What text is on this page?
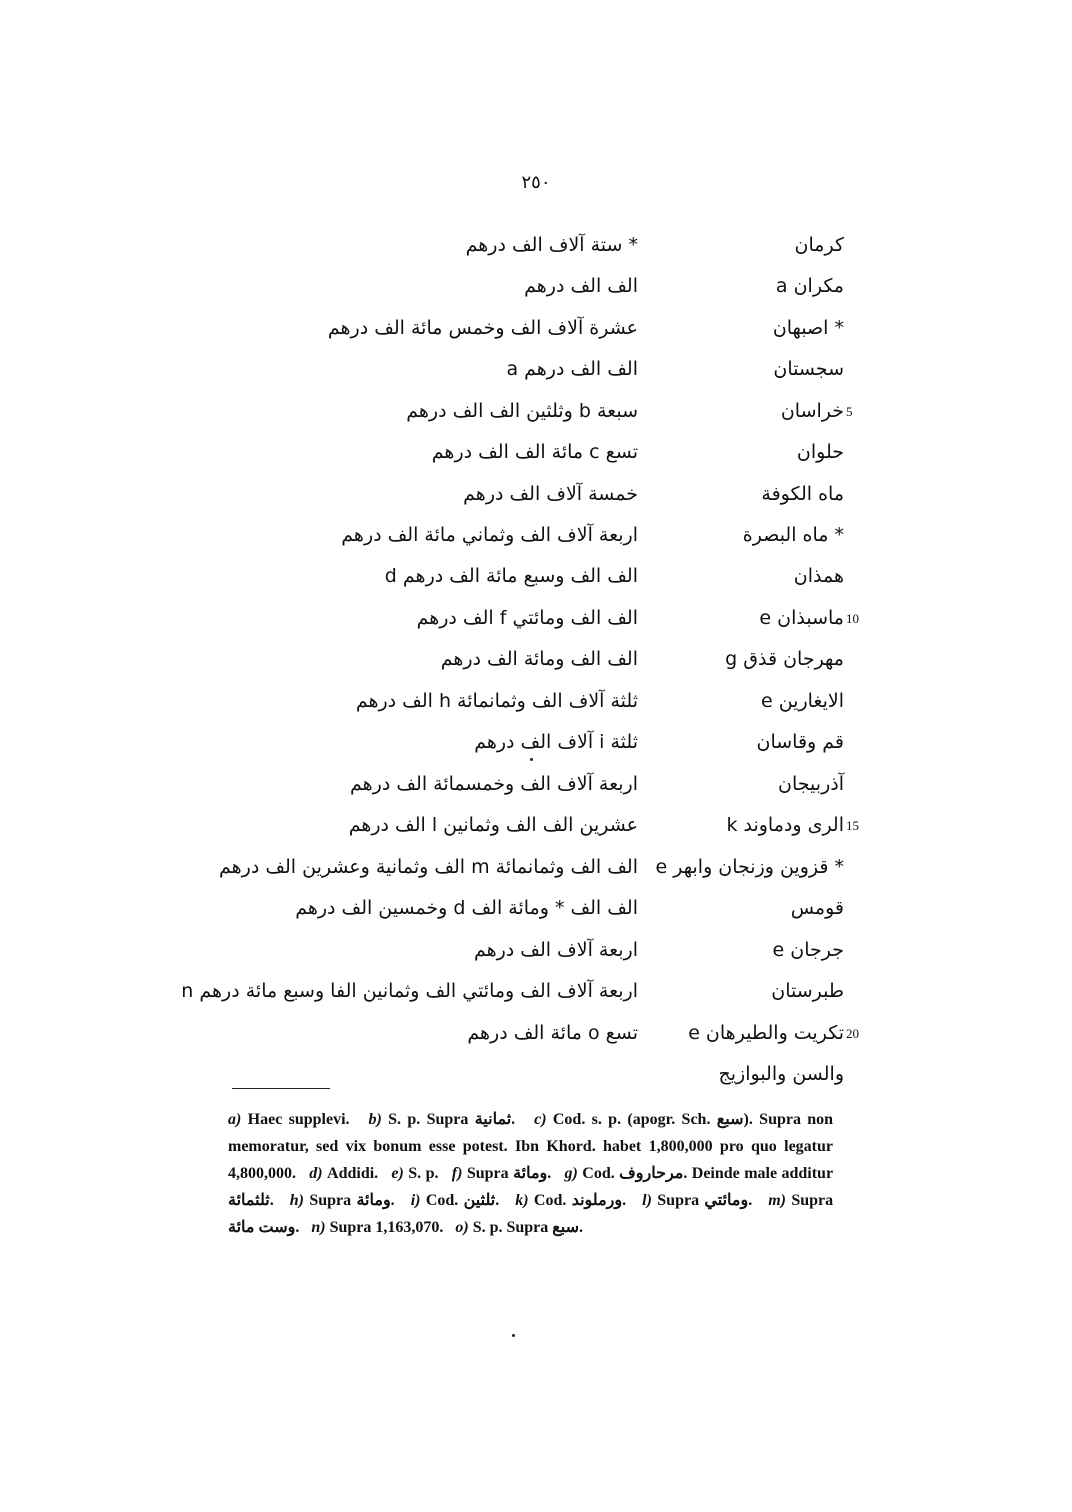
٢٥٠
كرمان
* ستة آلاف الف درهم
مكران a
الف الف درهم
* اصبهان
عشرة آلاف الف وخمس مائة الف درهم
سجستان
الف الف درهم a
5
خراسان
سبعة b وثلثين الف الف درهم
حلوان
تسع c مائة الف الف درهم
ماه الكوفة
خمسة آلاف الف درهم
* ماه البصرة
اربعة آلاف الف وثماني مائة الف درهم
همذان
الف الف وسبع مائة الف درهم d
10
ماسبذان e
الف الف ومائتي f الف درهم
مهرجان قذق g
الف الف ومائة الف درهم
الايغارين e
ثلثة آلاف الف وثمانمائة h الف درهم
قم وقاسان
ثلثة i آلاف الف درهم
آذربيجان
اربعة آلاف الف وخمسمائة الف درهم
15
الرى ودماوند k
عشرين الف الف وثمانين l الف درهم
* قزوين وزنجان وابهر e
الف الف وثمانمائة m الف وثمانية وعشرين الف درهم
قومس
الف الف * ومائة الف d وخمسين الف درهم
جرجان e
اربعة آلاف الف درهم
طبرستان
اربعة آلاف الف ومائتي الف وثمانين الفا وسبع مائة درهم n
20
تكريت والطيرهان e
تسع o مائة الف درهم
والسن والبوازيج
a) Haec supplevi. b) S. p. Supra ثمانية. c) Cod. s. p. (apogr. Sch. سبع). Supra non memoratur, sed vix bonum esse potest. Ibn Khord. habet 1,800,000 pro quo legatur 4,800,000. d) Addidi. e) S. p. f) Supra ومائة. g) Cod. مرحاروف. Deinde male additur ثلثمائة. h) Supra ومائة. i) Cod. ثلثين. k) Cod. ورملوند. l) Supra ومائتي. m) Supra وست مائة. n) Supra 1,163,070. o) S. p. Supra سبع.
